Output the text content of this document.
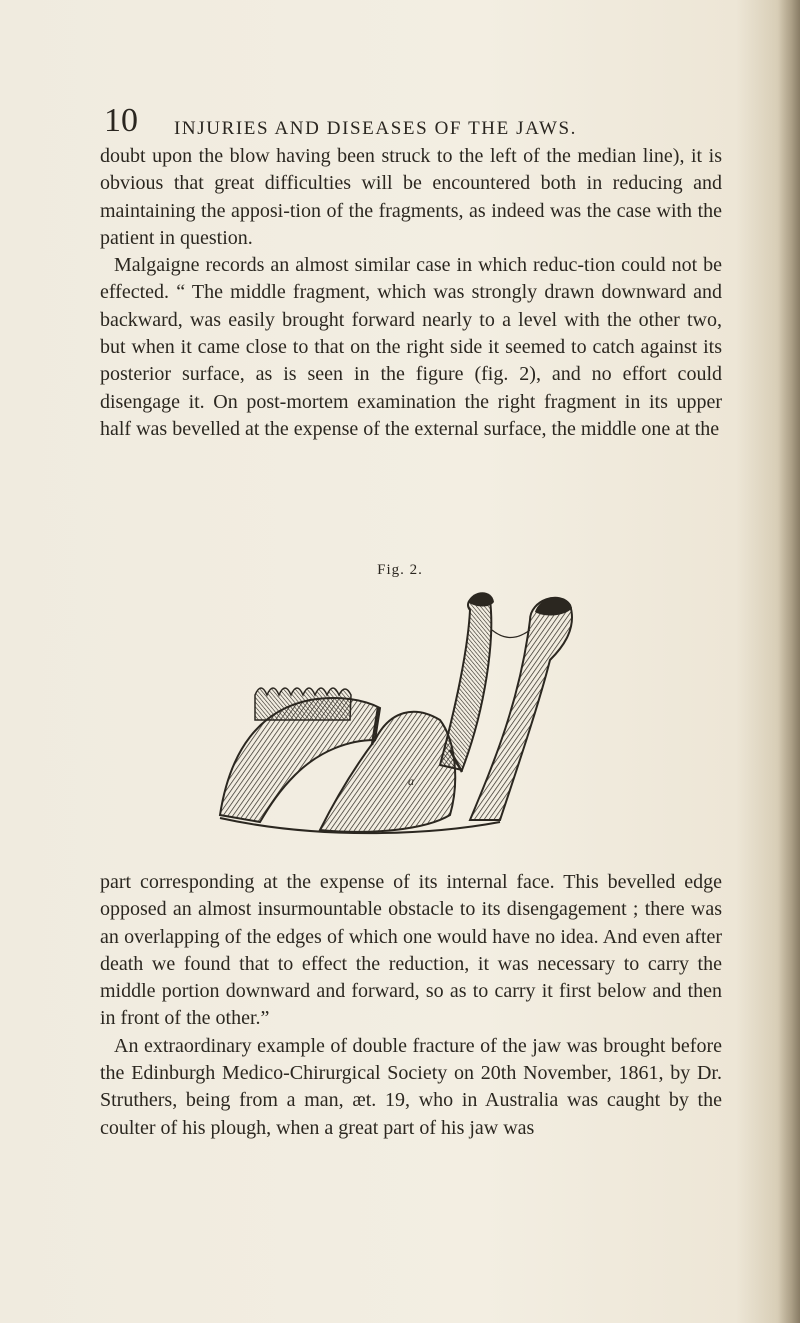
10 INJURIES AND DISEASES OF THE JAWS.

doubt upon the blow having been struck to the left of the median line), it is obvious that great difficulties will be encountered both in reducing and maintaining the apposi-tion of the fragments, as indeed was the case with the patient in question.

Malgaigne records an almost similar case in which reduc-tion could not be effected. “ The middle fragment, which was strongly drawn downward and backward, was easily brought forward nearly to a level with the other two, but when it came close to that on the right side it seemed to catch against its posterior surface, as is seen in the figure (fig. 2), and no effort could disengage it. On post-mortem examination the right fragment in its upper half was bevelled at the expense of the external surface, the middle one at the

Fig. 2.
a

part corresponding at the expense of its internal face. This bevelled edge opposed an almost insurmountable obstacle to its disengagement ; there was an overlapping of the edges of which one would have no idea. And even after death we found that to effect the reduction, it was necessary to carry the middle portion downward and forward, so as to carry it first below and then in front of the other.”

An extraordinary example of double fracture of the jaw was brought before the Edinburgh Medico-Chirurgical Society on 20th November, 1861, by Dr. Struthers, being from a man, æt. 19, who in Australia was caught by the coulter of his plough, when a great part of his jaw was
